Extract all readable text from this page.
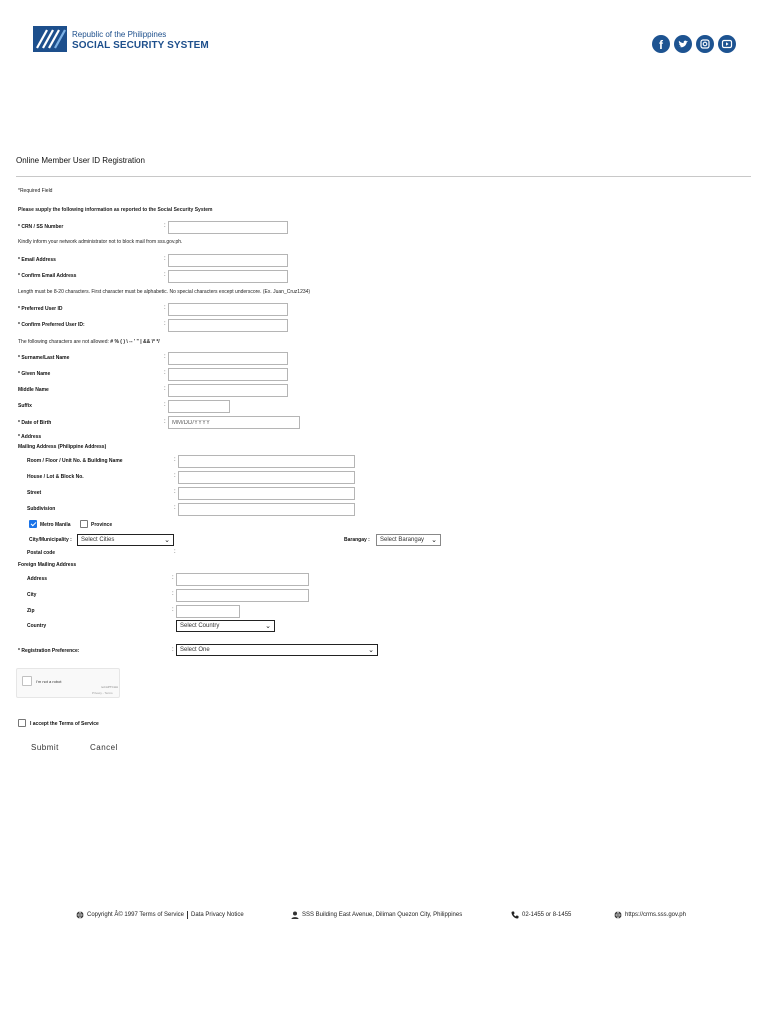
Republic of the Philippines
SOCIAL SECURITY SYSTEM	f
Online Member User ID Registration
*Required Field
Please supply the following information as reported to the Social Security System
* CRN / SS Number	:
Kindly inform your network administrator not to block mail from sss.gov.ph.
* Email Address	:
* Confirm Email Address	:
Length must be 8-20 characters. First character must be alphabetic. No special characters except underscore. (Ex. Juan_Cruz1234)
* Preferred User ID	:
* Confirm Preferred User ID:	:
The following characters are not allowed: # % ( ) \ -- ' " | && \* */
* Surname/Last Name	:
* Given Name	:
Middle Name	:
Suffix	:
* Date of Birth	:
MM/DD/YYYY
* Address
Mailing Address (Philippine Address)
Room / Floor / Unit No. & Building Name	:
House / Lot & Block No.	:
Street	:
Subdivision	:
Metro Manila	Province
City/Municipality :	Select Cities	⌄	Barangay :	Select Barangay ⌄
Postal code	:
Foreign Mailing Address
Address	:
City	:
Zip	:
Country	Select Country	⌄
* Registration Preference:	:	Select One	⌄
I'm not a robot
reCAPTCHA
Privacy - Terms
I accept the Terms of Service
Submit	Cancel
Copyright Â© 1997 Terms of Service Data Privacy Notice	SSS Building East Avenue, Diliman Quezon City, Philippines	02-1455 or 8-1455	https://crms.sss.gov.ph
